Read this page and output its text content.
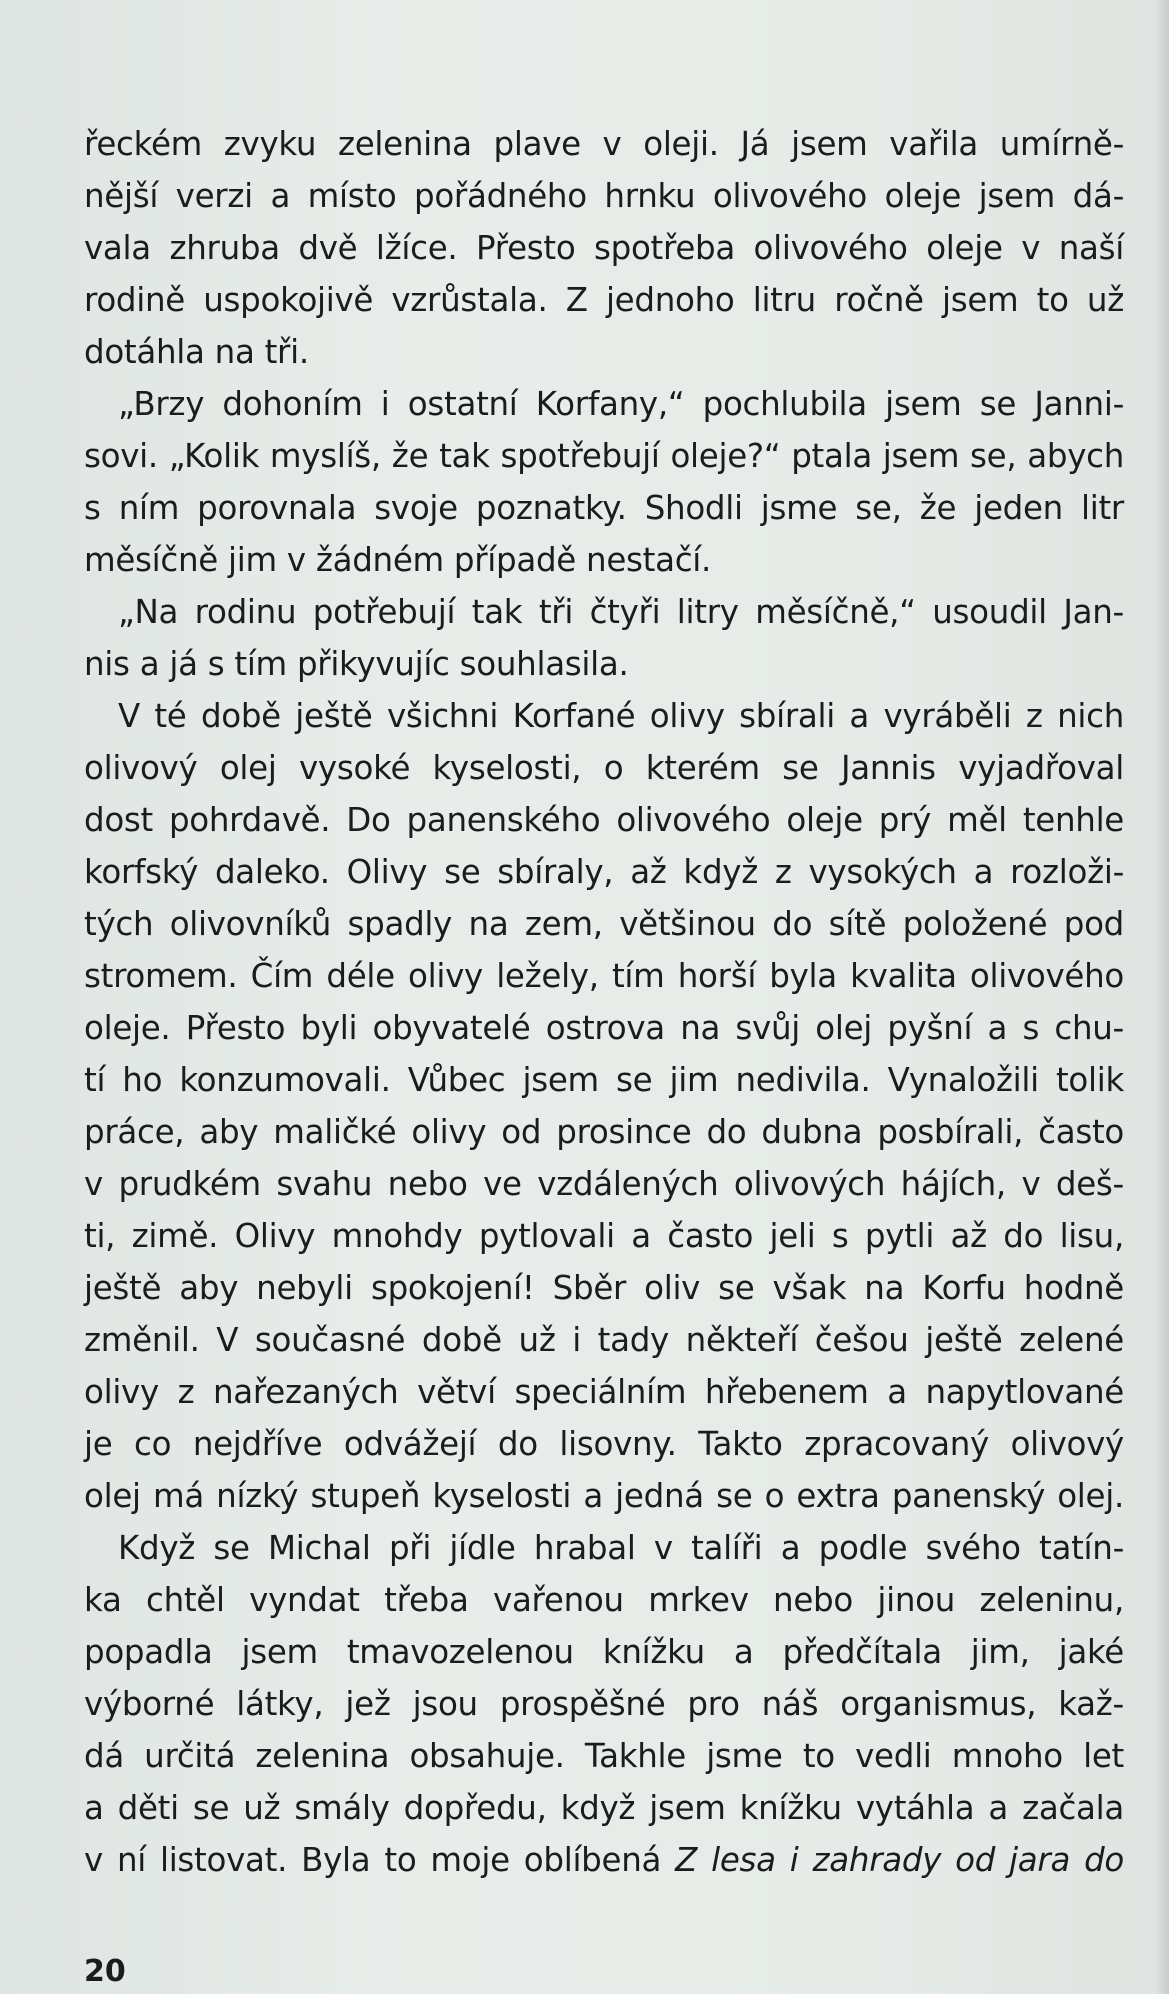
řeckém zvyku zelenina plave v oleji. Já jsem vařila umírně-
nější verzi a místo pořádného hrnku olivového oleje jsem dá-
vala zhruba dvě lžíce. Přesto spotřeba olivového oleje v naší
rodině uspokojivě vzrůstala. Z jednoho litru ročně jsem to už
dotáhla na tři.
„Brzy dohoním i ostatní Korfany,“ pochlubila jsem se Janni-
sovi. „Kolik myslíš, že tak spotřebují oleje?“ ptala jsem se, abych
s ním porovnala svoje poznatky. Shodli jsme se, že jeden litr
měsíčně jim v žádném případě nestačí.
„Na rodinu potřebují tak tři čtyři litry měsíčně,“ usoudil Jan-
nis a já s tím přikyvujíc souhlasila.
V té době ještě všichni Korfané olivy sbírali a vyráběli z nich
olivový olej vysoké kyselosti, o kterém se Jannis vyjadřoval
dost pohrdavě. Do panenského olivového oleje prý měl tenhle
korfský daleko. Olivy se sbíraly, až když z vysokých a rozloži-
tých olivovníků spadly na zem, většinou do sítě položené pod
stromem. Čím déle olivy ležely, tím horší byla kvalita olivového
oleje. Přesto byli obyvatelé ostrova na svůj olej pyšní a s chu-
tí ho konzumovali. Vůbec jsem se jim nedivila. Vynaložili tolik
práce, aby maličké olivy od prosince do dubna posbírali, často
v prudkém svahu nebo ve vzdálených olivových hájích, v deš-
ti, zimě. Olivy mnohdy pytlovali a často jeli s pytli až do lisu,
ještě aby nebyli spokojení! Sběr oliv se však na Korfu hodně
změnil. V současné době už i tady někteří češou ještě zelené
olivy z nařezaných větví speciálním hřebenem a napytlované
je co nejdříve odvážejí do lisovny. Takto zpracovaný olivový
olej má nízký stupeň kyselosti a jedná se o extra panenský olej.
Když se Michal při jídle hrabal v talíři a podle svého tatín-
ka chtěl vyndat třeba vařenou mrkev nebo jinou zeleninu,
popadla jsem tmavozelenou knížku a předčítala jim, jaké
výborné látky, jež jsou prospěšné pro náš organismus, kaž-
dá určitá zelenina obsahuje. Takhle jsme to vedli mnoho let
a děti se už smály dopředu, když jsem knížku vytáhla a začala
v ní listovat. Byla to moje oblíbená Z lesa i zahrady od jara do
20
